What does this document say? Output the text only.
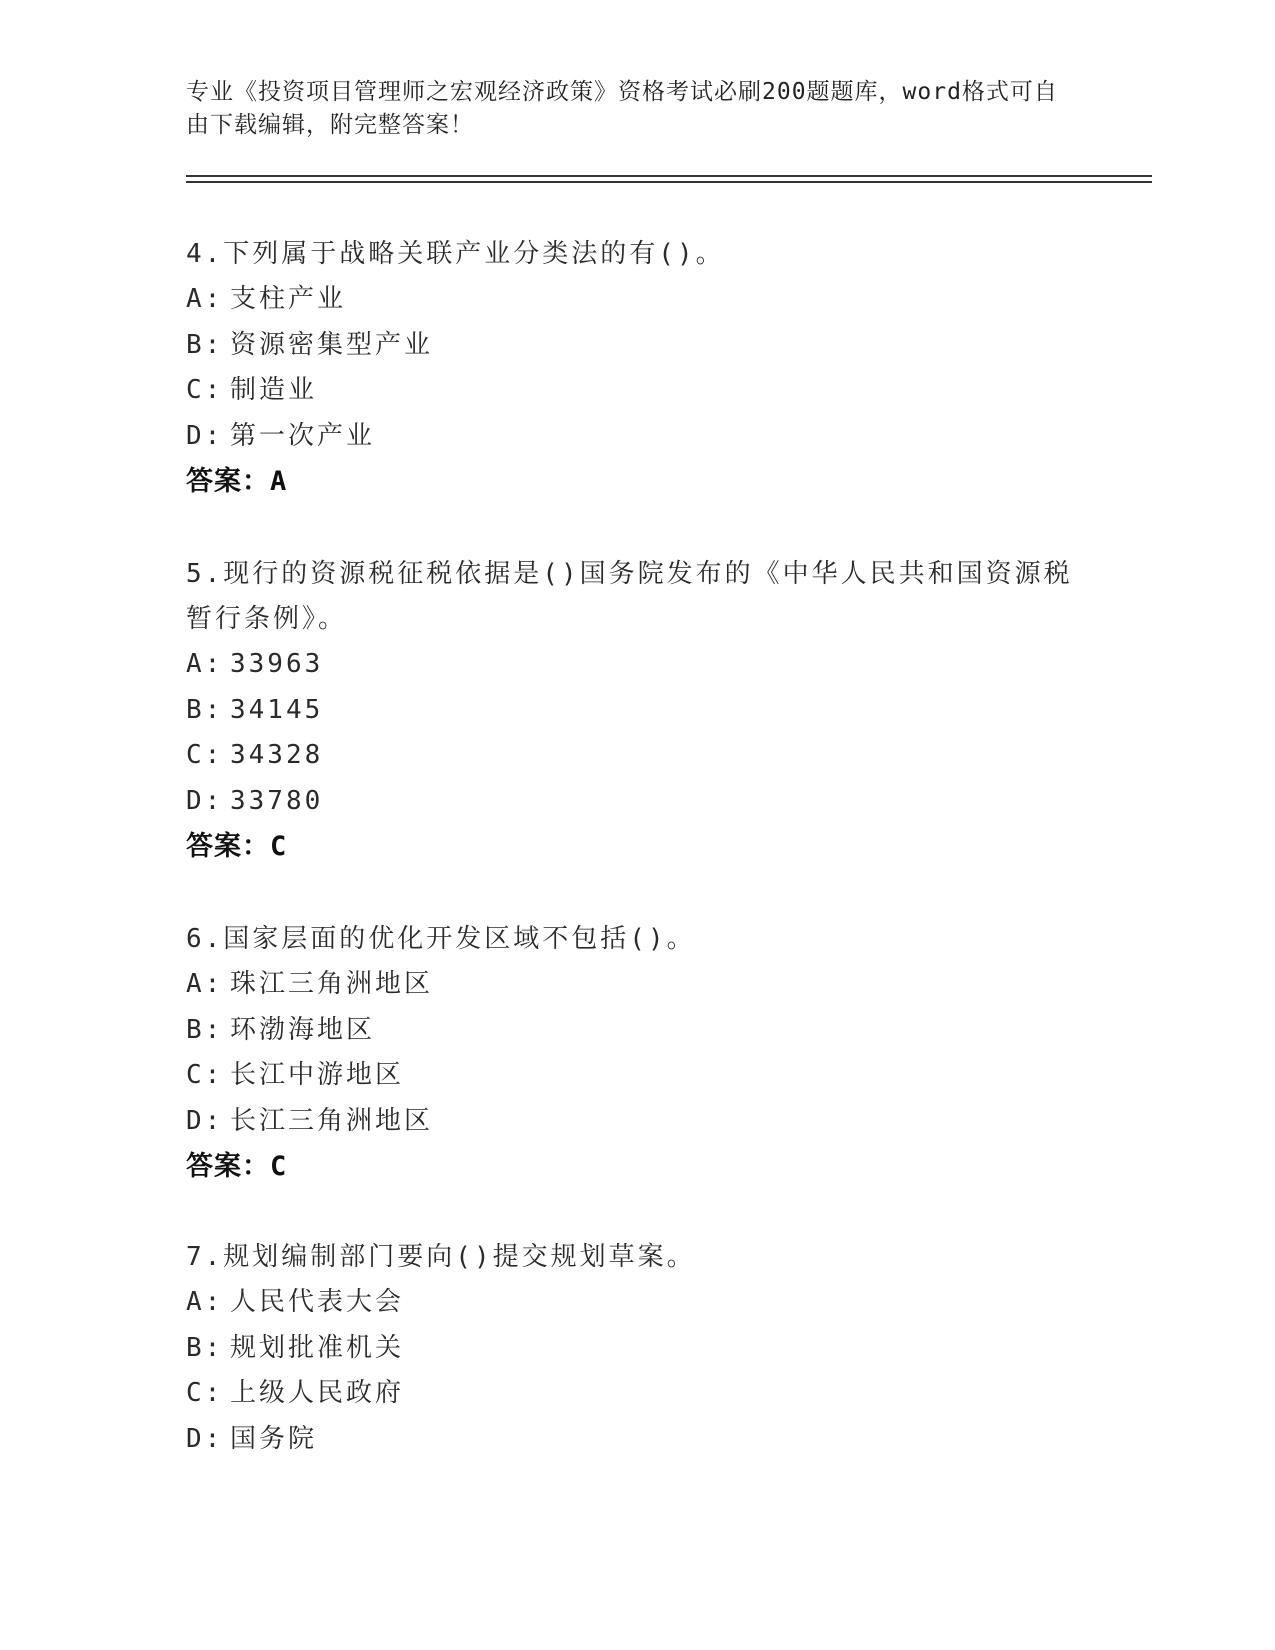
专业《投资项目管理师之宏观经济政策》资格考试必刷200题题库，word格式可自由下载编辑，附完整答案！
4.下列属于战略关联产业分类法的有()。
A: 支柱产业
B: 资源密集型产业
C: 制造业
D: 第一次产业
答案：A
5.现行的资源税征税依据是()国务院发布的《中华人民共和国资源税暂行条例》。
A: 33963
B: 34145
C: 34328
D: 33780
答案：C
6.国家层面的优化开发区域不包括()。
A: 珠江三角洲地区
B: 环渤海地区
C: 长江中游地区
D: 长江三角洲地区
答案：C
7.规划编制部门要向()提交规划草案。
A: 人民代表大会
B: 规划批准机关
C: 上级人民政府
D: 国务院
